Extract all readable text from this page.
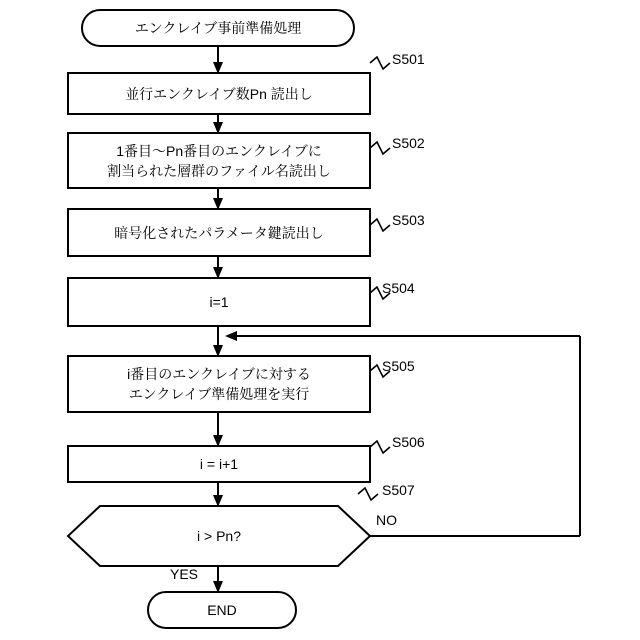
エンクレイブ事前準備処理
並行エンクレイブ数Pn 読出し
1番目～Pn番目のエンクレイブに
割当られた層群のファイル名読出し
暗号化されたパラメータ鍵読出し
i=1
i番目のエンクレイブに対する
エンクレイブ準備処理を実行
i = i+1
i > Pn?
END
S501
S502
S503
S504
S505
S506
S507
NO
YES
